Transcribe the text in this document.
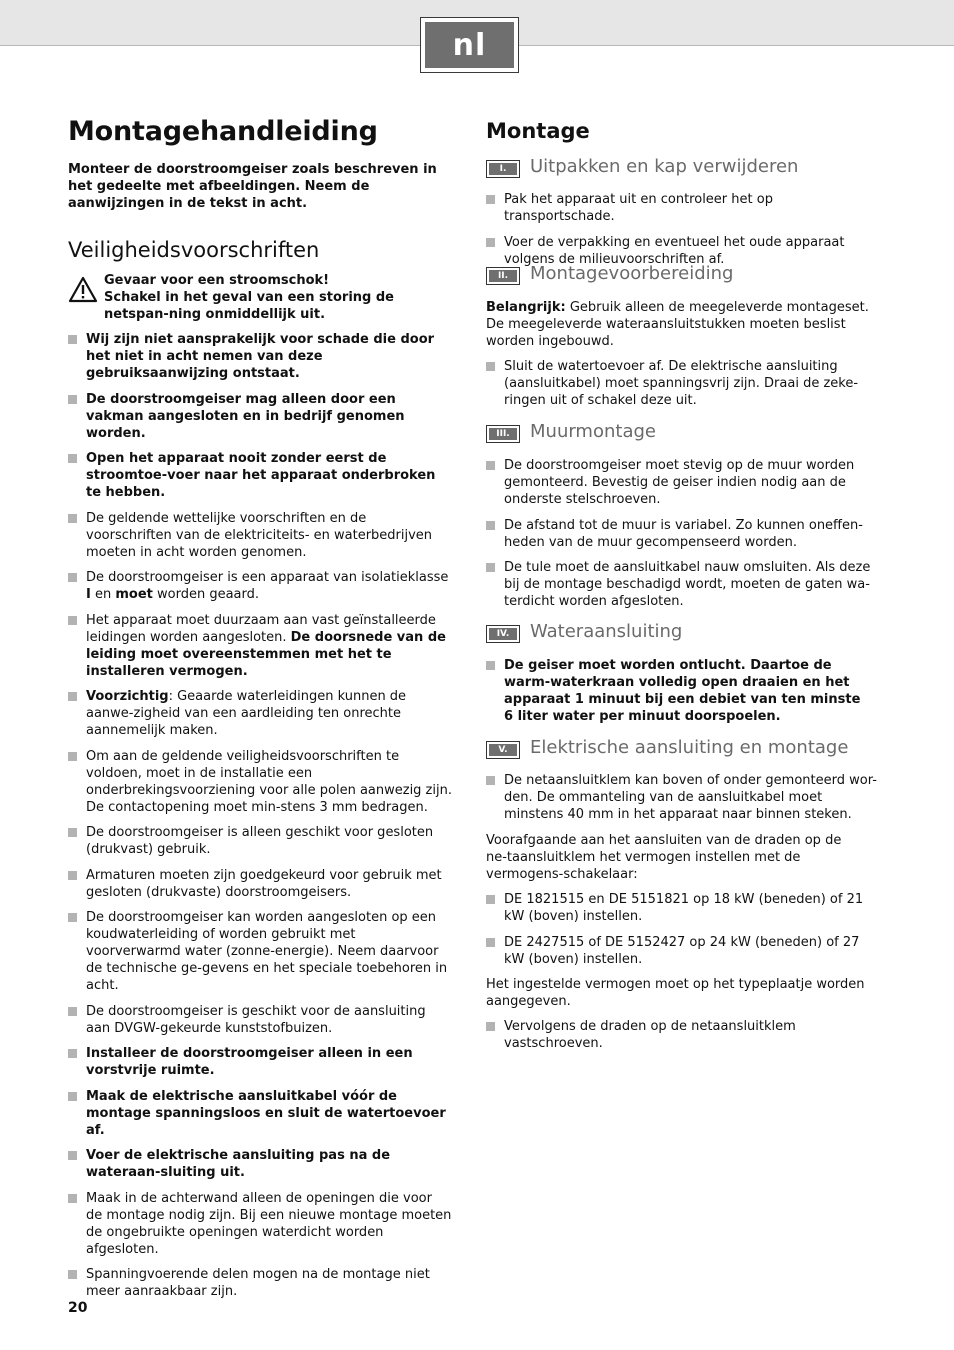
nl
Montagehandleiding

Monteer de doorstroomgeiser zoals beschreven in het gedeelte met afbeeldingen. Neem de aanwijzingen in de tekst in acht.

Veiligheidsvoorschriften

Gevaar voor een stroomschok!

Schakel in het geval van een storing de netspan-ning onmiddellijk uit.

Wij zijn niet aansprakelijk voor schade die door het niet in acht nemen van deze gebruiksaanwijzing ontstaat.
De doorstroomgeiser mag alleen door een vakman aangesloten en in bedrijf genomen worden.
Open het apparaat nooit zonder eerst de stroomtoe-voer naar het apparaat onderbroken te hebben.
De geldende wettelijke voorschriften en de voorschriften van de elektriciteits- en waterbedrijven moeten in acht worden genomen.
De doorstroomgeiser is een apparaat van isolatieklasse I en moet worden geaard.
Het apparaat moet duurzaam aan vast geïnstalleerde leidingen worden aangesloten. De doorsnede van de leiding moet overeenstemmen met het te installeren vermogen.
Voorzichtig: Geaarde waterleidingen kunnen de aanwe-zigheid van een aardleiding ten onrechte aannemelijk maken.
Om aan de geldende veiligheidsvoorschriften te voldoen, moet in de installatie een onderbrekingsvoorziening voor alle polen aanwezig zijn. De contactopening moet min-stens 3 mm bedragen.
De doorstroomgeiser is alleen geschikt voor gesloten (drukvast) gebruik.
Armaturen moeten zijn goedgekeurd voor gebruik met gesloten (drukvaste) doorstroomgeisers.
De doorstroomgeiser kan worden aangesloten op een koudwaterleiding of worden gebruikt met voorverwarmd water (zonne-energie). Neem daarvoor de technische ge-gevens en het speciale toebehoren in acht.
De doorstroomgeiser is geschikt voor de aansluiting aan DVGW-gekeurde kunststofbuizen.
Installeer de doorstroomgeiser alleen in een vorstvrije ruimte.
Maak de elektrische aansluitkabel vóór de montage spanningsloos en sluit de watertoevoer af.
Voer de elektrische aansluiting pas na de wateraan-sluiting uit.
Maak in de achterwand alleen de openingen die voor de montage nodig zijn. Bij een nieuwe montage moeten de ongebruikte openingen waterdicht worden afgesloten.
Spanningvoerende delen mogen na de montage niet meer aanraakbaar zijn.
Montage
I.	Uitpakken en kap verwijderen
Pak het apparaat uit en controleer het op transportschade.
Voer de verpakking en eventueel het oude apparaat volgens de milieuvoorschriften af.
II.	Montagevoorbereiding

Belangrijk: Gebruik alleen de meegeleverde montageset. De meegeleverde wateraansluitstukken moeten beslist worden ingebouwd.

Sluit de watertoevoer af. De elektrische aansluiting (aansluitkabel) moet spanningsvrij zijn. Draai de zeke-ringen uit of schakel deze uit.
III.	Muurmontage
De doorstroomgeiser moet stevig op de muur worden gemonteerd. Bevestig de geiser indien nodig aan de onderste stelschroeven.
De afstand tot de muur is variabel. Zo kunnen oneffen-heden van de muur gecompenseerd worden.
De tule moet de aansluitkabel nauw omsluiten. Als deze bij de montage beschadigd wordt, moeten de gaten wa-terdicht worden afgesloten.
IV.	Wateraansluiting
De geiser moet worden ontlucht. Daartoe de warm-waterkraan volledig open draaien en het apparaat 1 minuut bij een debiet van ten minste 6 liter water per minuut doorspoelen.
V.	Elektrische aansluiting en montage
De netaansluitklem kan boven of onder gemonteerd wor-den. De ommanteling van de aansluitkabel moet minstens 40 mm in het apparaat naar binnen steken.

Voorafgaande aan het aansluiten van de draden op de ne-taansluitklem het vermogen instellen met de vermogens-schakelaar:

DE 1821515 en DE 5151821 op 18 kW (beneden) of 21 kW (boven) instellen.
DE 2427515 of DE 5152427 op 24 kW (beneden) of 27 kW (boven) instellen.

Het ingestelde vermogen moet op het typeplaatje worden aangegeven.

Vervolgens de draden op de netaansluitklem vastschroeven.
20
